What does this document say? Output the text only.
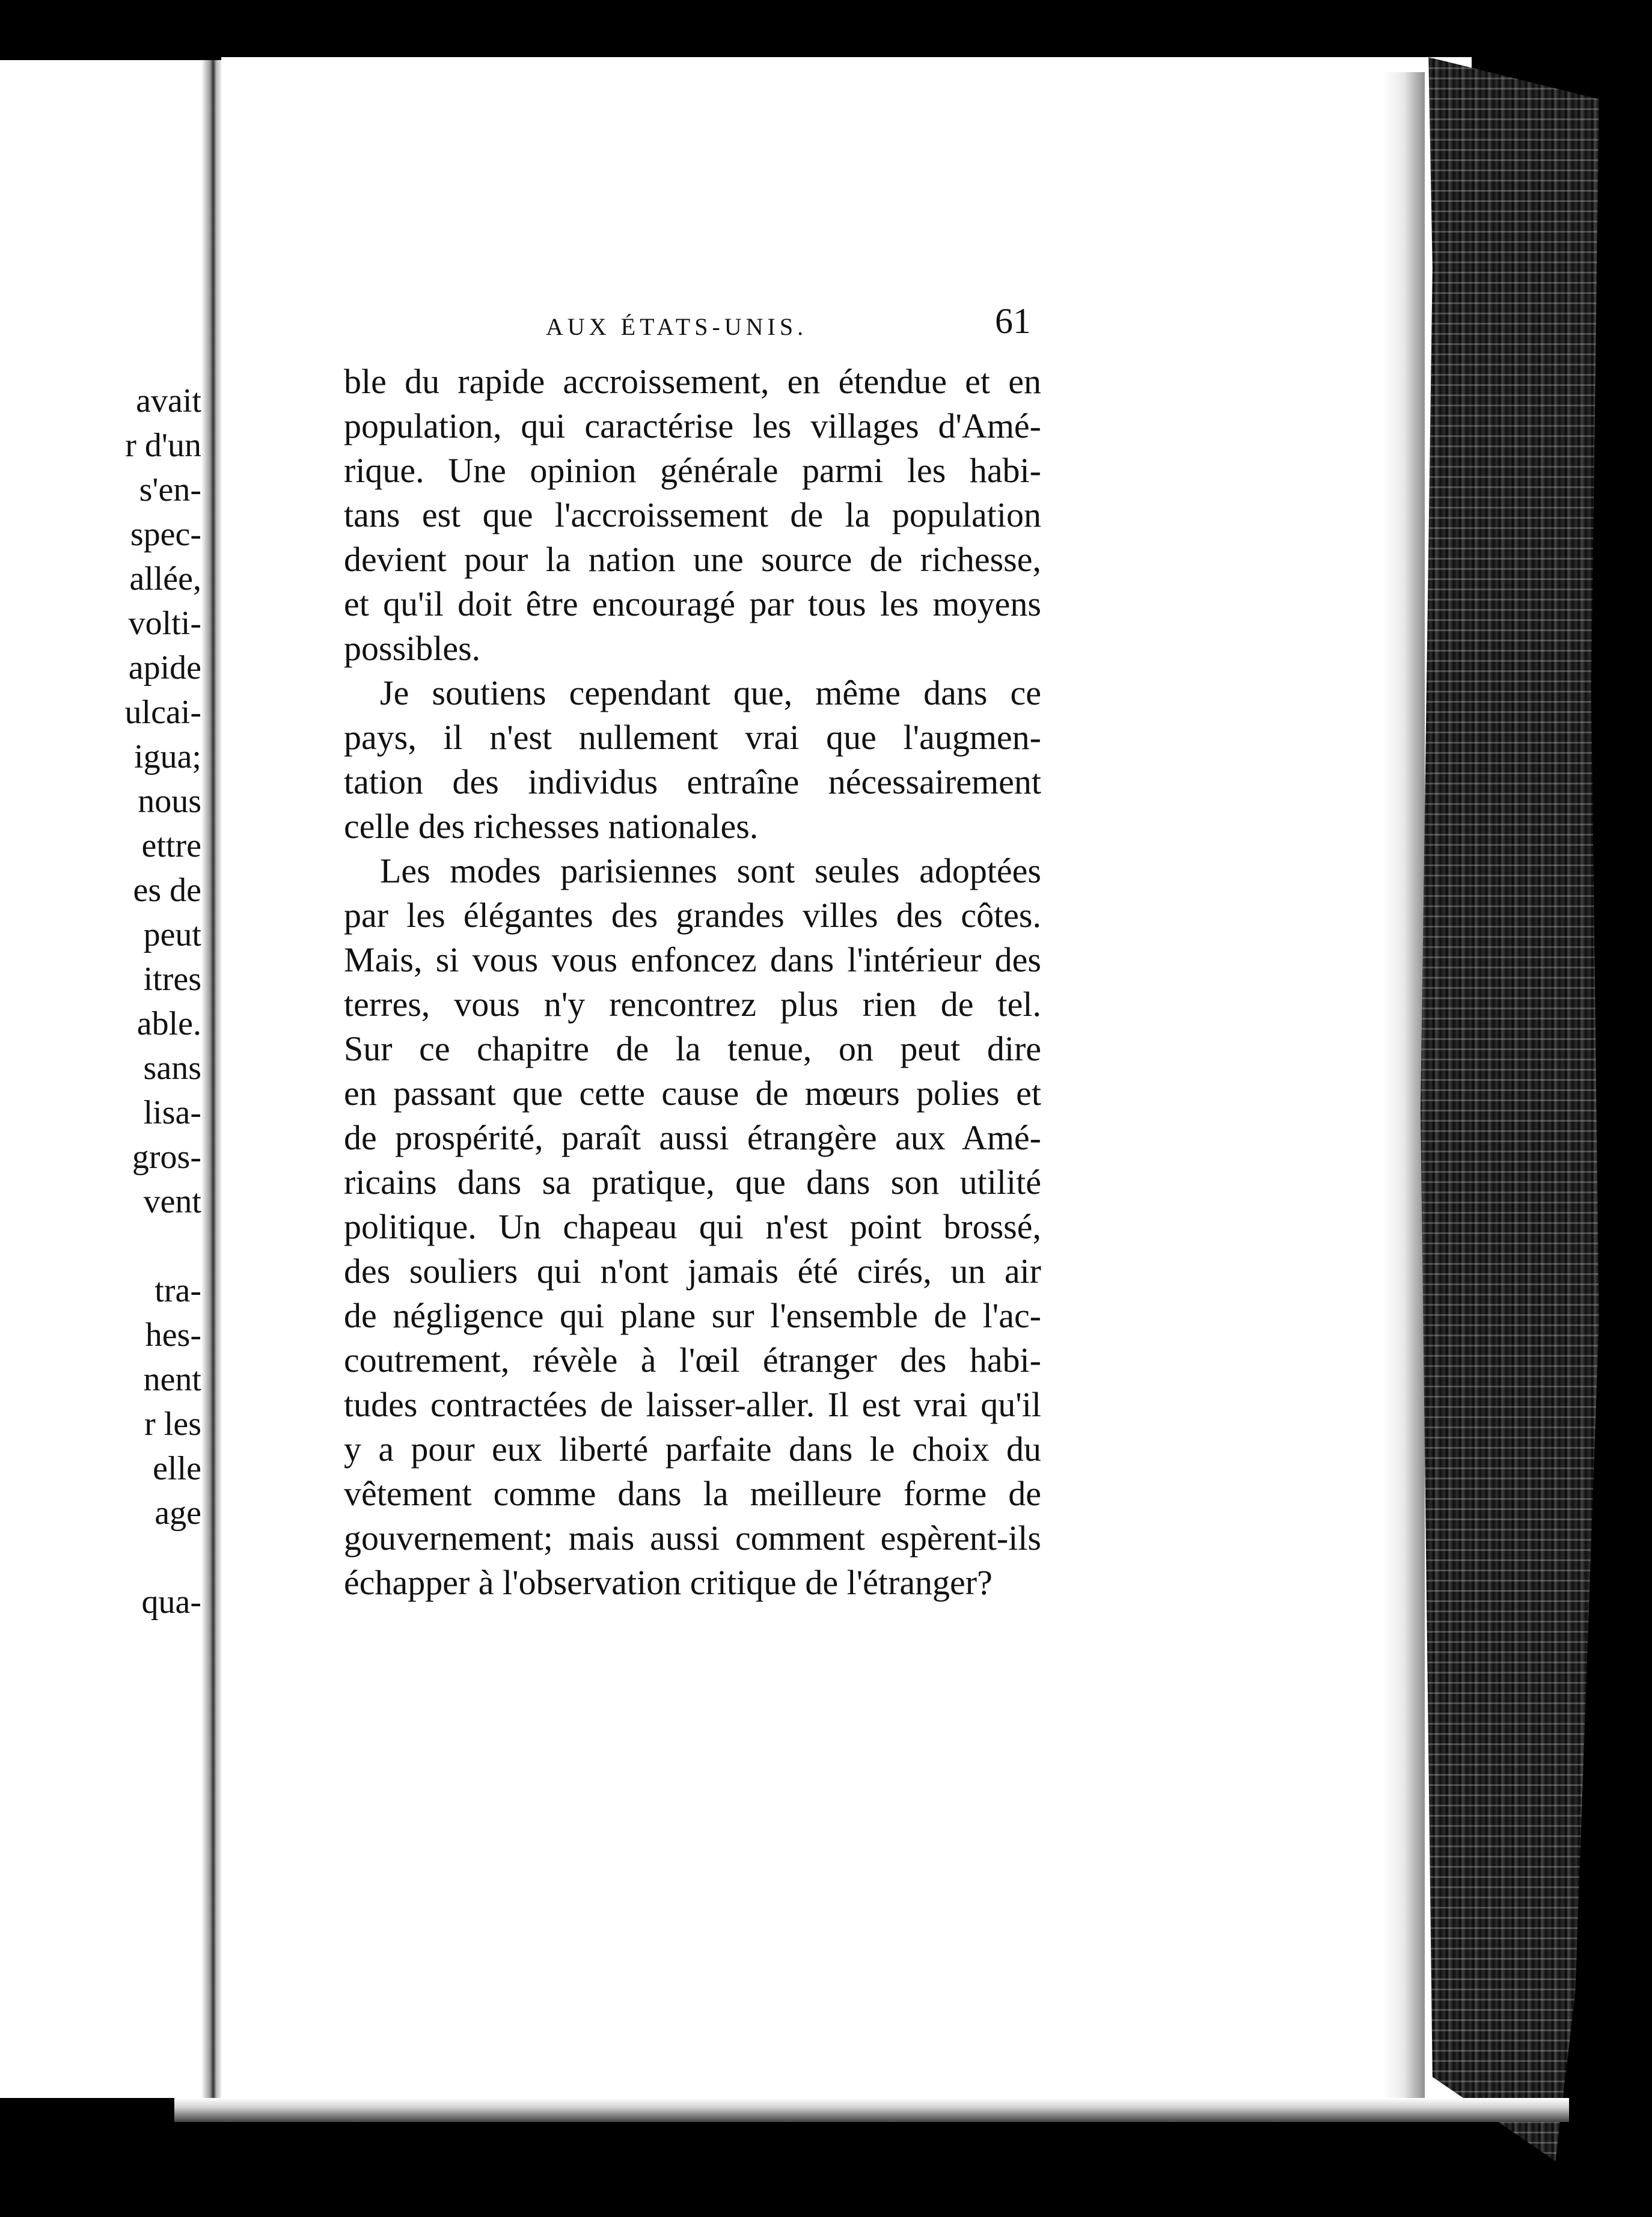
avait
r d'un
s'en-
spec-
allée,
volti-
apide
ulcai-
igua;
nous
ettre
es de
peut
itres
able.
sans
lisa-
gros-
vent
tra-
hes-
nent
r les
elle
age
qua-
AUX ÉTATS-UNIS.	61
ble du rapide accroissement, en étendue et en
population, qui caractérise les villages d'Amé-
rique. Une opinion générale parmi les habi-
tans est que l'accroissement de la population
devient pour la nation une source de richesse,
et qu'il doit être encouragé par tous les moyens
possibles.
Je soutiens cependant que, même dans ce
pays, il n'est nullement vrai que l'augmen-
tation des individus entraîne nécessairement
celle des richesses nationales.
Les modes parisiennes sont seules adoptées
par les élégantes des grandes villes des côtes.
Mais, si vous vous enfoncez dans l'intérieur des
terres, vous n'y rencontrez plus rien de tel.
Sur ce chapitre de la tenue, on peut dire
en passant que cette cause de mœurs polies et
de prospérité, paraît aussi étrangère aux Amé-
ricains dans sa pratique, que dans son utilité
politique. Un chapeau qui n'est point brossé,
des souliers qui n'ont jamais été cirés, un air
de négligence qui plane sur l'ensemble de l'ac-
coutrement, révèle à l'œil étranger des habi-
tudes contractées de laisser-aller. Il est vrai qu'il
y a pour eux liberté parfaite dans le choix du
vêtement comme dans la meilleure forme de
gouvernement; mais aussi comment espèrent-ils
échapper à l'observation critique de l'étranger?
